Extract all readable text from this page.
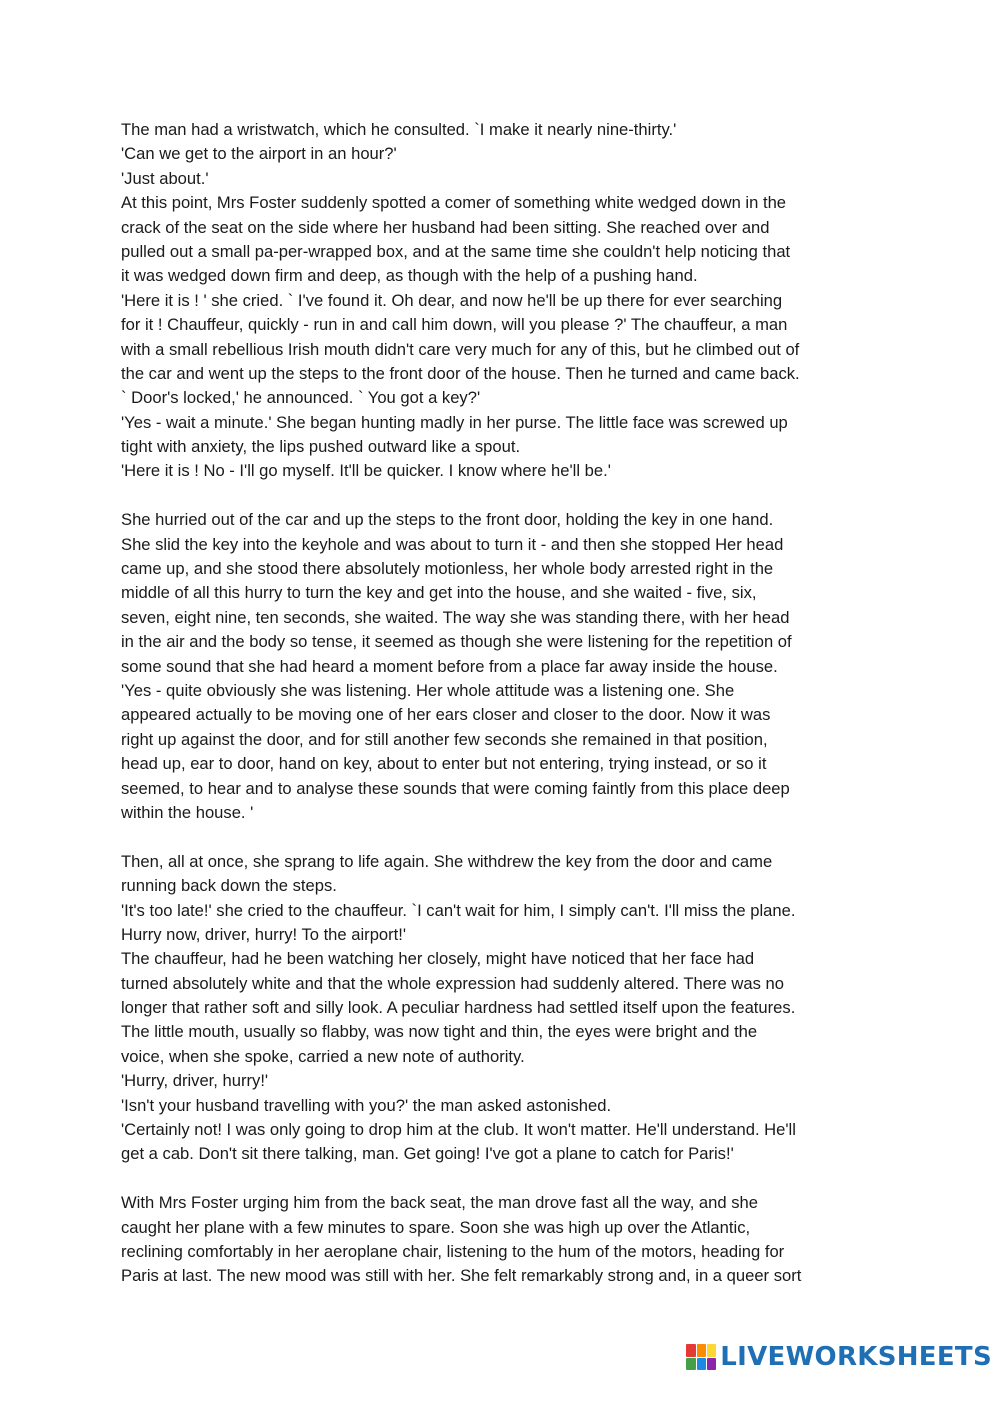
The man had a wristwatch, which he consulted. `I make it nearly nine-thirty.'
'Can we get to the airport in an hour?'
'Just about.'
At this point, Mrs Foster suddenly spotted a comer of something white wedged down in the
crack of the seat on the side where her husband had been sitting. She reached over and
pulled out a small pa-per-wrapped box, and at the same time she couldn't help noticing that
it was wedged down firm and deep, as though with the help of a pushing hand.
'Here it is ! ' she cried. ` I've found it. Oh dear, and now he'll be up there for ever searching
for it ! Chauffeur, quickly - run in and call him down, will you please ?' The chauffeur, a man
with a small rebellious Irish mouth didn't care very much for any of this, but he climbed out of
the car and went up the steps to the front door of the house. Then he turned and came back.
` Door's locked,' he announced. ` You got a key?'
'Yes - wait a minute.' She began hunting madly in her purse. The little face was screwed up
tight with anxiety, the lips pushed outward like a spout.
'Here it is ! No - I'll go myself. It'll be quicker. I know where he'll be.'
She hurried out of the car and up the steps to the front door, holding the key in one hand.
She slid the key into the keyhole and was about to turn it - and then she stopped Her head
came up, and she stood there absolutely motionless, her whole body arrested right in the
middle of all this hurry to turn the key and get into the house, and she waited - five, six,
seven, eight nine, ten seconds, she waited. The way she was standing there, with her head
in the air and the body so tense, it seemed as though she were listening for the repetition of
some sound that she had heard a moment before from a place far away inside the house.
'Yes - quite obviously she was listening. Her whole attitude was a listening one. She
appeared actually to be moving one of her ears closer and closer to the door. Now it was
right up against the door, and for still another few seconds she remained in that position,
head up, ear to door, hand on key, about to enter but not entering, trying instead, or so it
seemed, to hear and to analyse these sounds that were coming faintly from this place deep
within the house. '
Then, all at once, she sprang to life again. She withdrew the key from the door and came
running back down the steps.
'It's too late!' she cried to the chauffeur. `I can't wait for him, I simply can't. I'll miss the plane.
Hurry now, driver, hurry! To the airport!'
The chauffeur, had he been watching her closely, might have noticed that her face had
turned absolutely white and that the whole expression had suddenly altered. There was no
longer that rather soft and silly look. A peculiar hardness had settled itself upon the features.
The little mouth, usually so flabby, was now tight and thin, the eyes were bright and the
voice, when she spoke, carried a new note of authority.
'Hurry, driver, hurry!'
'Isn't your husband travelling with you?' the man asked astonished.
'Certainly not! I was only going to drop him at the club. It won't matter. He'll understand. He'll
get a cab. Don't sit there talking, man. Get going! I've got a plane to catch for Paris!'
With Mrs Foster urging him from the back seat, the man drove fast all the way, and she
caught her plane with a few minutes to spare. Soon she was high up over the Atlantic,
reclining comfortably in her aeroplane chair, listening to the hum of the motors, heading for
Paris at last. The new mood was still with her. She felt remarkably strong and, in a queer sort
LIVEWORKSHEETS
